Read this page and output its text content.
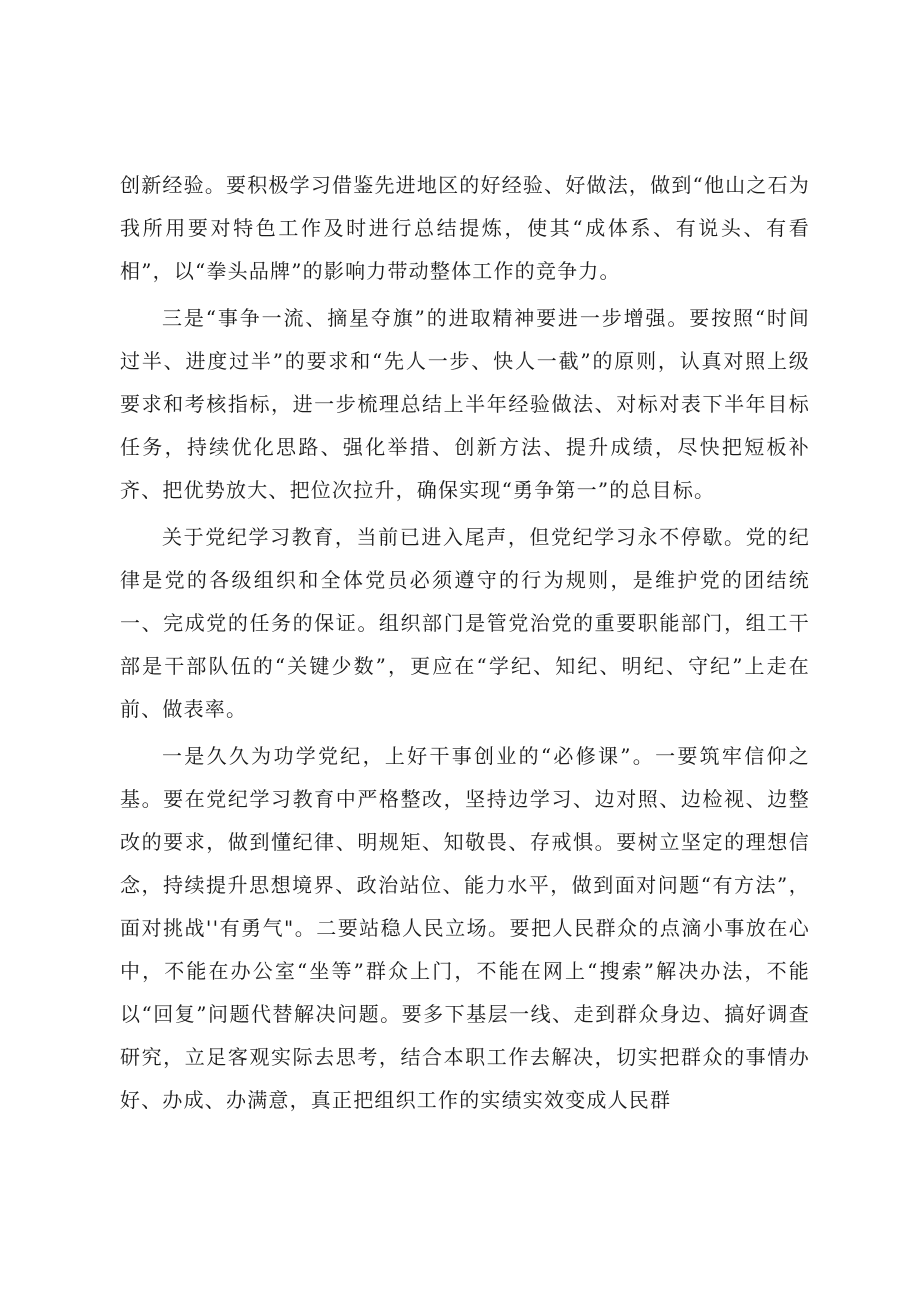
创新经验。要积极学习借鉴先进地区的好经验、好做法，做到“他山之石为我所用要对特色工作及时进行总结提炼，使其“成体系、有说头、有看相”，以“拳头品牌”的影响力带动整体工作的竞争力。

三是“事争一流、摘星夺旗”的进取精神要进一步增强。要按照“时间过半、进度过半”的要求和“先人一步、快人一截”的原则，认真对照上级要求和考核指标，进一步梳理总结上半年经验做法、对标对表下半年目标任务，持续优化思路、强化举措、创新方法、提升成绩，尽快把短板补齐、把优势放大、把位次拉升，确保实现“勇争第一”的总目标。

关于党纪学习教育，当前已进入尾声，但党纪学习永不停歇。党的纪律是党的各级组织和全体党员必须遵守的行为规则，是维护党的团结统一、完成党的任务的保证。组织部门是管党治党的重要职能部门，组工干部是干部队伍的“关键少数”，更应在“学纪、知纪、明纪、守纪”上走在前、做表率。

一是久久为功学党纪，上好干事创业的“必修课”。一要筑牢信仰之基。要在党纪学习教育中严格整改，坚持边学习、边对照、边检视、边整改的要求，做到懂纪律、明规矩、知敬畏、存戒惧。要树立坚定的理想信念，持续提升思想境界、政治站位、能力水平，做到面对问题“有方法”，面对挑战''有勇气"。二要站稳人民立场。要把人民群众的点滴小事放在心中，不能在办公室“坐等”群众上门，不能在网上“搜索”解决办法，不能以“回复”问题代替解决问题。要多下基层一线、走到群众身边、搞好调查研究，立足客观实际去思考，结合本职工作去解决，切实把群众的事情办好、办成、办满意，真正把组织工作的实绩实效变成人民群
